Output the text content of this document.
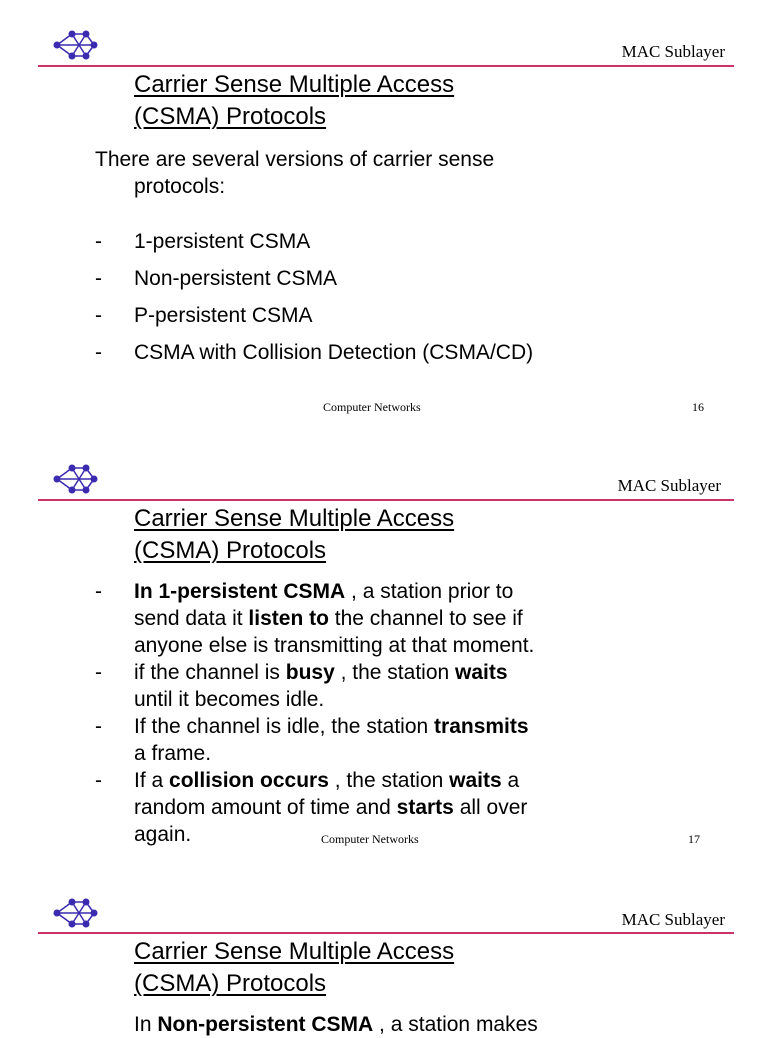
MAC Sublayer
Carrier Sense Multiple Access
(CSMA) Protocols
There are several versions of carrier sense
protocols:
- 1-persistent CSMA
- Non-persistent CSMA
- P-persistent CSMA
- CSMA with Collision Detection (CSMA/CD)
Computer Networks	16
MAC Sublayer
Carrier Sense Multiple Access
(CSMA) Protocols
- In 1-persistent CSMA , a station prior to
send data it listen to the channel to see if
anyone else is transmitting at that moment.
- if the channel is busy , the station waits
until it becomes idle.
- If the channel is idle, the station transmits
a frame.
- If a collision occurs , the station waits a
random amount of time and starts all over
again.	Computer Networks	17
MAC Sublayer
Carrier Sense Multiple Access
(CSMA) Protocols
In Non-persistent CSMA , a station makes
